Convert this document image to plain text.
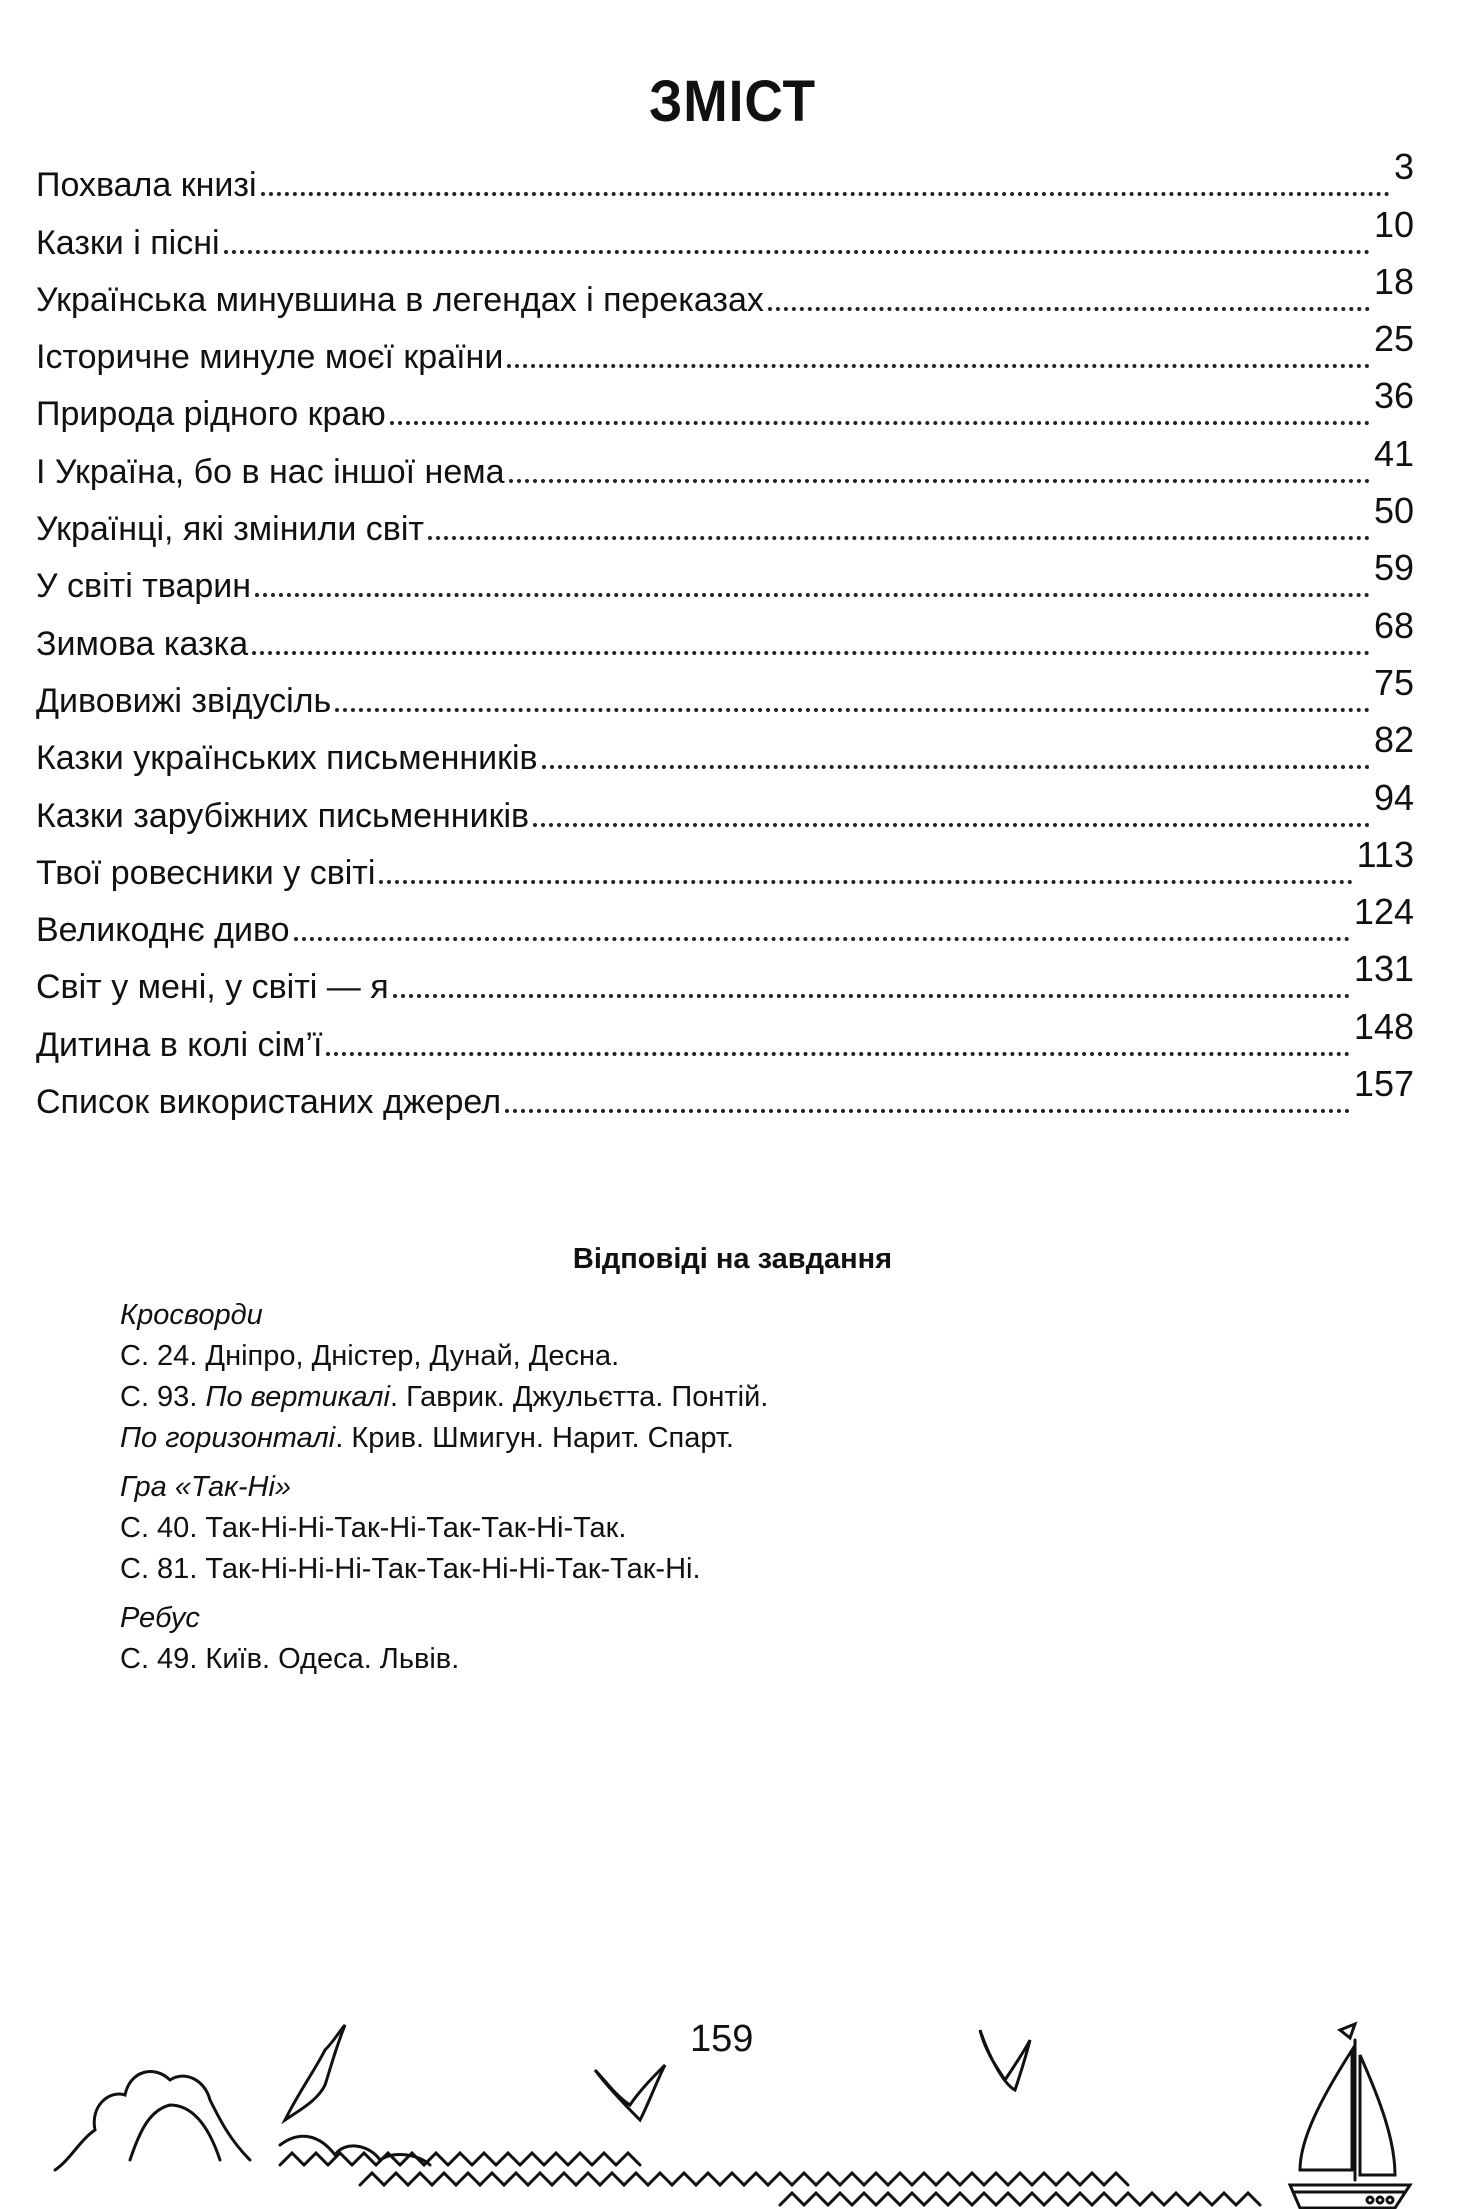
ЗМІСТ
Похвала книзі	3
Казки і пісні	10
Українська минувшина в легендах і переказах	18
Історичне минуле моєї країни	25
Природа рідного краю	36
І Україна, бо в нас іншої нема	41
Українці, які змінили світ	50
У світі тварин	59
Зимова казка	68
Дивовижі звідусіль	75
Казки українських письменників	82
Казки зарубіжних письменників	94
Твої ровесники у світі	113
Великоднє диво	124
Світ у мені, у світі — я	131
Дитина в колі сім’ї	148
Список використаних джерел	157
Відповіді на завдання
Кросворди
С. 24. Дніпро, Дністер, Дунай, Десна.
С. 93. По вертикалі. Гаврик. Джульєтта. Понтій.
По горизонталі. Крив. Шмигун. Нарит. Спарт.
Гра «Так-Ні»
С. 40. Так-Ні-Ні-Так-Ні-Так-Так-Ні-Так.
С. 81. Так-Ні-Ні-Ні-Так-Так-Ні-Ні-Так-Так-Ні.
Ребус
С. 49. Київ. Одеса. Львів.
159
